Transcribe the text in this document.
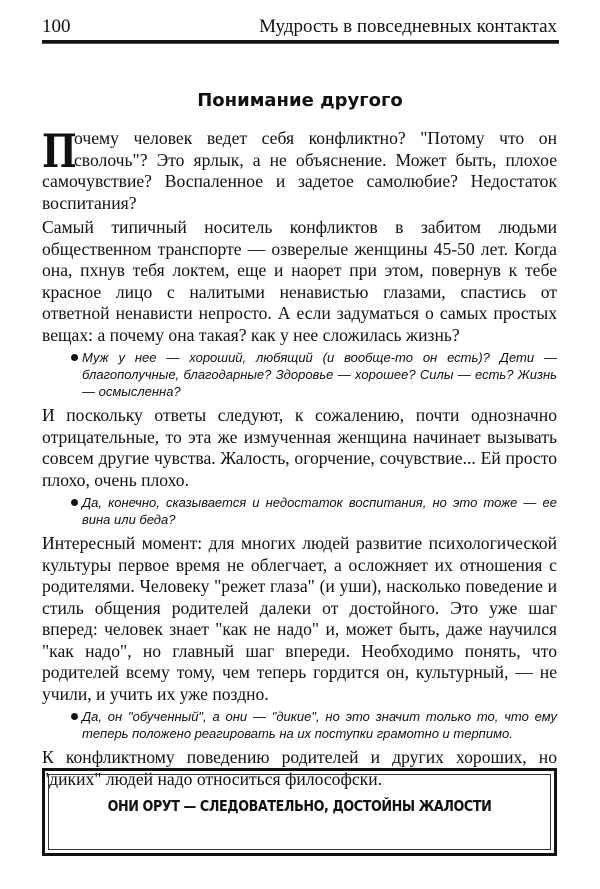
100	Мудрость в повседневных контактах
Понимание другого

П
очему человек ведет себя конфликтно? "Потому что он сволочь"? Это ярлык, а не объяснение. Может быть, плохое самочувствие? Воспаленное и задетое самолюбие? Недостаток воспитания?

Самый типичный носитель конфликтов в забитом людьми общественном транспорте — озверелые женщины 45-50 лет. Когда она, пхнув тебя локтем, еще и наорет при этом, повернув к тебе красное лицо с налитыми ненавистью глазами, спастись от ответной ненависти непросто. А если задуматься о самых простых вещах: а почему она такая? как у нее сложилась жизнь?

Муж у нее — хороший, любящий (и вообще-то он есть)? Дети — благополучные, благодарные? Здоровье — хорошее? Силы — есть? Жизнь — осмысленна?

И поскольку ответы следуют, к сожалению, почти однозначно отрицательные, то эта же измученная женщина начинает вызывать совсем другие чувства. Жалость, огорчение, сочувствие... Ей просто плохо, очень плохо.

Да, конечно, сказывается и недостаток воспитания, но это тоже — ее вина или беда?

Интересный момент: для многих людей развитие психологической культуры первое время не облегчает, а осложняет их отношения с родителями. Человеку "режет глаза" (и уши), насколько поведение и стиль общения родителей далеки от достойного. Это уже шаг вперед: человек знает "как не надо" и, может быть, даже научился "как надо", но главный шаг впереди. Необходимо понять, что родителей всему тому, чем теперь гордится он, культурный, — не учили, и учить их уже поздно.

Да, он "обученный", а они — "дикие", но это значит только то, что ему теперь положено реагировать на их поступки грамотно и терпимо.

К конфликтному поведению родителей и других хороших, но "диких" людей надо относиться философски.

ОНИ ОРУТ — СЛЕДОВАТЕЛЬНО, ДОСТОЙНЫ ЖАЛОСТИ
